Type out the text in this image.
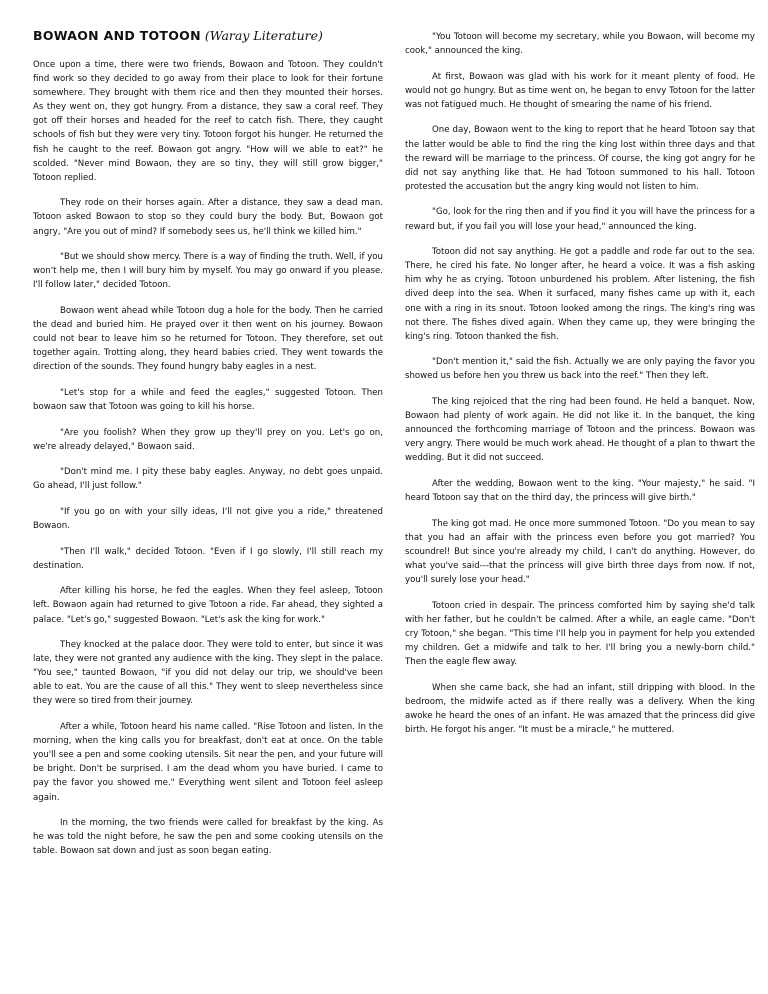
BOWAON AND TOTOON (Waray Literature)

Once upon a time, there were two friends, Bowaon and Totoon. They couldn't find work so they decided to go away from their place to look for their fortune somewhere. They brought with them rice and then they mounted their horses. As they went on, they got hungry. From a distance, they saw a coral reef. They got off their horses and headed for the reef to catch fish. There, they caught schools of fish but they were very tiny. Totoon forgot his hunger. He returned the fish he caught to the reef. Bowaon got angry. "How will we able to eat?" he scolded. "Never mind Bowaon, they are so tiny, they will still grow bigger," Totoon replied.

They rode on their horses again. After a distance, they saw a dead man. Totoon asked Bowaon to stop so they could bury the body. But, Bowaon got angry, "Are you out of mind? If somebody sees us, he'll think we killed him."

"But we should show mercy. There is a way of finding the truth. Well, if you won't help me, then I will bury him by myself. You may go onward if you please. I'll follow later," decided Totoon.

Bowaon went ahead while Totoon dug a hole for the body. Then he carried the dead and buried him. He prayed over it then went on his journey. Bowaon could not bear to leave him so he returned for Totoon. They therefore, set out together again. Trotting along, they heard babies cried. They went towards the direction of the sounds. They found hungry baby eagles in a nest.

"Let's stop for a while and feed the eagles," suggested Totoon. Then bowaon saw that Totoon was going to kill his horse.

"Are you foolish? When they grow up they'll prey on you. Let's go on, we're already delayed," Bowaon said.

"Don't mind me. I pity these baby eagles. Anyway, no debt goes unpaid. Go ahead, I'll just follow."

"If you go on with your silly ideas, I'll not give you a ride," threatened Bowaon.

"Then I'll walk," decided Totoon. "Even if I go slowly, I'll still reach my destination.

After killing his horse, he fed the eagles. When they feel asleep, Totoon left. Bowaon again had returned to give Totoon a ride. Far ahead, they sighted a palace. "Let's go," suggested Bowaon. "Let's ask the king for work."

They knocked at the palace door. They were told to enter, but since it was late, they were not granted any audience with the king. They slept in the palace. "You see," taunted Bowaon, "if you did not delay our trip, we should've been able to eat. You are the cause of all this." They went to sleep nevertheless since they were so tired from their journey.

After a while, Totoon heard his name called. "Rise Totoon and listen. In the morning, when the king calls you for breakfast, don't eat at once. On the table you'll see a pen and some cooking utensils. Sit near the pen, and your future will be bright. Don't be surprised. I am the dead whom you have buried. I came to pay the favor you showed me." Everything went silent and Totoon feel asleep again.

In the morning, the two friends were called for breakfast by the king. As he was told the night before, he saw the pen and some cooking utensils on the table. Bowaon sat down and just as soon began eating.

"You Totoon will become my secretary, while you Bowaon, will become my cook," announced the king.

At first, Bowaon was glad with his work for it meant plenty of food. He would not go hungry. But as time went on, he began to envy Totoon for the latter was not fatigued much. He thought of smearing the name of his friend.

One day, Bowaon went to the king to report that he heard Totoon say that the latter would be able to find the ring the king lost within three days and that the reward will be marriage to the princess. Of course, the king got angry for he did not say anything like that. He had Totoon summoned to his hall. Totoon protested the accusation but the angry king would not listen to him.

"Go, look for the ring then and if you find it you will have the princess for a reward but, if you fail you will lose your head," announced the king.

Totoon did not say anything. He got a paddle and rode far out to the sea. There, he cired his fate. No longer after, he heard a voice. It was a fish asking him why he as crying. Totoon unburdened his problem. After listening, the fish dived deep into the sea. When it surfaced, many fishes came up with it, each one with a ring in its snout. Totoon looked among the rings. The king's ring was not there. The fishes dived again. When they came up, they were bringing the king's ring. Totoon thanked the fish.

"Don't mention it," said the fish. Actually we are only paying the favor you showed us before hen you threw us back into the reef." Then they left.

The king rejoiced that the ring had been found. He held a banquet. Now, Bowaon had plenty of work again. He did not like it. In the banquet, the king announced the forthcoming marriage of Totoon and the princess. Bowaon was very angry. There would be much work ahead. He thought of a plan to thwart the wedding. But it did not succeed.

After the wedding, Bowaon went to the king. "Your majesty," he said. "I heard Totoon say that on the third day, the princess will give birth."

The king got mad. He once more summoned Totoon. "Do you mean to say that you had an affair with the princess even before you got married? You scoundrel! But since you're already my child, I can't do anything. However, do what you've said---that the princess will give birth three days from now. If not, you'll surely lose your head."

Totoon cried in despair. The princess comforted him by saying she'd talk with her father, but he couldn't be calmed. After a while, an eagle came. "Don't cry Totoon," she began. "This time I'll help you in payment for help you extended my children. Get a midwife and talk to her. I'll bring you a newly-born child." Then the eagle flew away.

When she came back, she had an infant, still dripping with blood. In the bedroom, the midwife acted as if there really was a delivery. When the king awoke he heard the ones of an infant. He was amazed that the princess did give birth. He forgot his anger. "It must be a miracle," he muttered.
